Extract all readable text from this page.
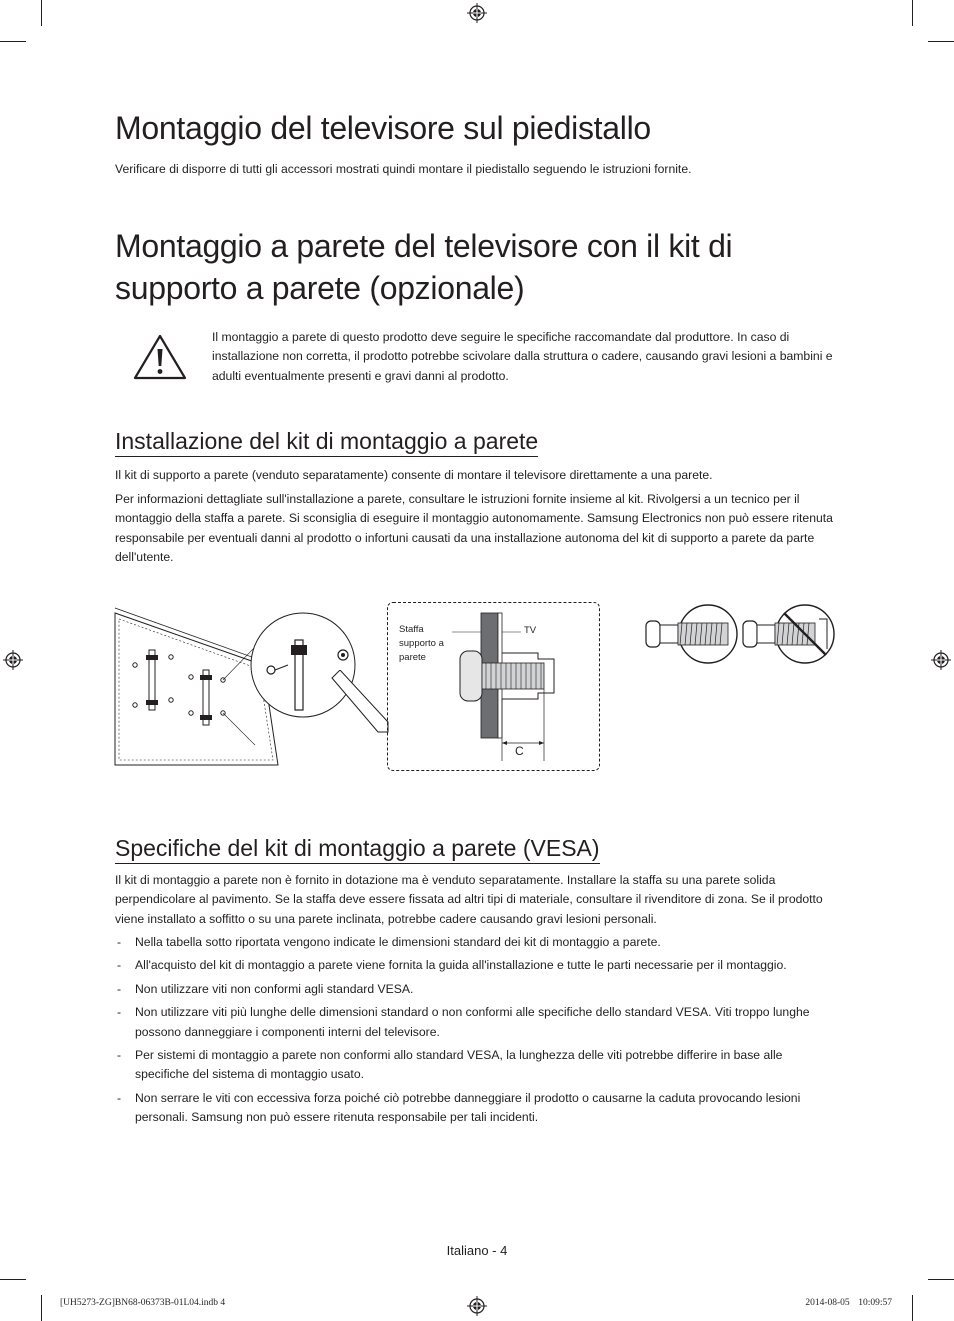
Montaggio del televisore sul piedistallo

Verificare di disporre di tutti gli accessori mostrati quindi montare il piedistallo seguendo le istruzioni fornite.

Montaggio a parete del televisore con il kit di
supporto a parete (opzionale)

Il montaggio a parete di questo prodotto deve seguire le specifiche raccomandate dal produttore. In caso di installazione non corretta, il prodotto potrebbe scivolare dalla struttura o cadere, causando gravi lesioni a bambini e adulti eventualmente presenti e gravi danni al prodotto.

Installazione del kit di montaggio a parete

Il kit di supporto a parete (venduto separatamente) consente di montare il televisore direttamente a una parete.

Per informazioni dettagliate sull'installazione a parete, consultare le istruzioni fornite insieme al kit. Rivolgersi a un tecnico per il montaggio della staffa a parete. Si sconsiglia di eseguire il montaggio autonomamente. Samsung Electronics non può essere ritenuta responsabile per eventuali danni al prodotto o infortuni causati da una installazione autonoma del kit di supporto a parete da parte dell'utente.

Staffa
supporto a
parete
TV
C
Specifiche del kit di montaggio a parete (VESA)

Il kit di montaggio a parete non è fornito in dotazione ma è venduto separatamente. Installare la staffa su una parete solida perpendicolare al pavimento. Se la staffa deve essere fissata ad altri tipi di materiale, consultare il rivenditore di zona. Se il prodotto viene installato a soffitto o su una parete inclinata, potrebbe cadere causando gravi lesioni personali.

- Nella tabella sotto riportata vengono indicate le dimensioni standard dei kit di montaggio a parete.
- All'acquisto del kit di montaggio a parete viene fornita la guida all'installazione e tutte le parti necessarie per il montaggio.
- Non utilizzare viti non conformi agli standard VESA.
- Non utilizzare viti più lunghe delle dimensioni standard o non conformi alle specifiche dello standard VESA. Viti troppo lunghe possono danneggiare i componenti interni del televisore.
- Per sistemi di montaggio a parete non conformi allo standard VESA, la lunghezza delle viti potrebbe differire in base alle specifiche del sistema di montaggio usato.
- Non serrare le viti con eccessiva forza poiché ciò potrebbe danneggiare il prodotto o causarne la caduta provocando lesioni personali. Samsung non può essere ritenuta responsabile per tali incidenti.
Italiano - 4
[UH5273-ZG]BN68-06373B-01L04.indb 4	2014-08-05    10:09:57
